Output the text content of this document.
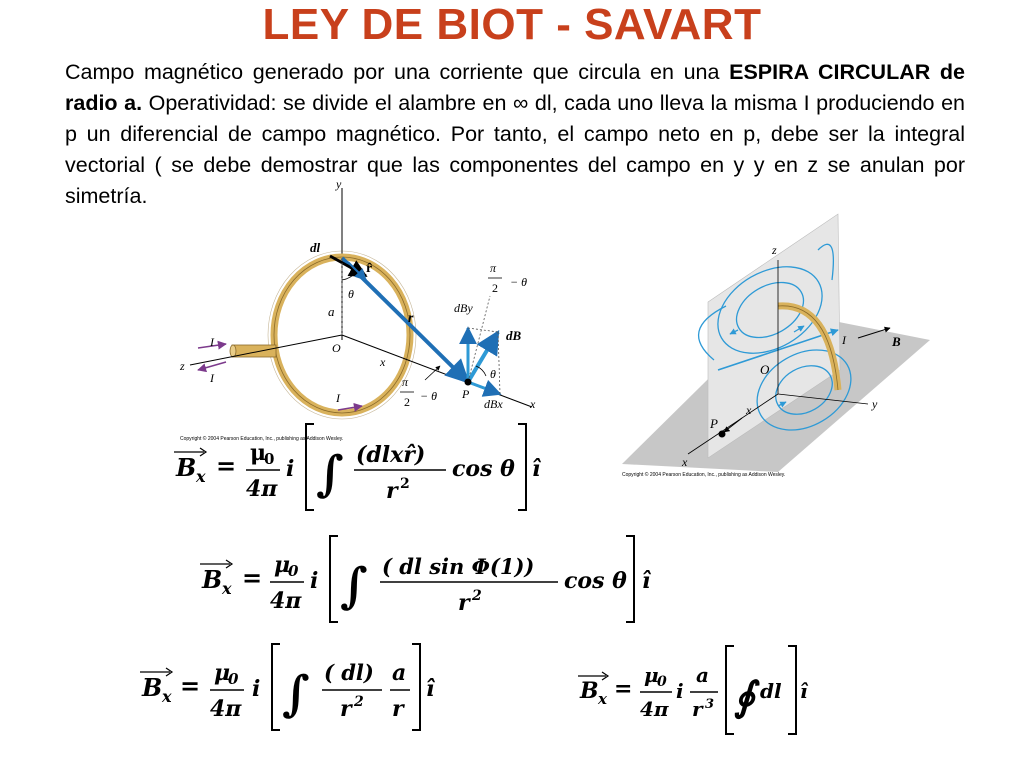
LEY DE BIOT - SAVART
Campo magnético generado por una corriente que circula en una ESPIRA CIRCULAR de radio a. Operatividad: se divide el alambre en ∞ dl, cada uno lleva la misma I produciendo en p un diferencial de campo magnético. Por tanto, el campo neto en p, debe ser la integral vectorial ( se debe demostrar que las componentes del campo en y y en z se anulan por simetría.	y
dl
r̂
θ
π
2 − θ
dBy
dB
a	r
I
z
I
O
x
θ
π
2 − θ P
dBx x
I
Copyright © 2004 Pearson Education, Inc., publishing as Addison Wesley.
z
I	B
O
y
x
P
x
Copyright © 2004 Pearson Education, Inc., publishing as Addison Wesley.
B x = μ
0
4π
i ∫ (dlxr̂)
r 2
cos θ î
B x = μ
0
4π
i ∫ ( dl sin Φ(1))
r 2
cos θ î
B x = μ
0
4π
i ∫ ( dl)
r 2
a
r
î	B x =
μ
0
4π
i
a
r 3 ∮ dl î
